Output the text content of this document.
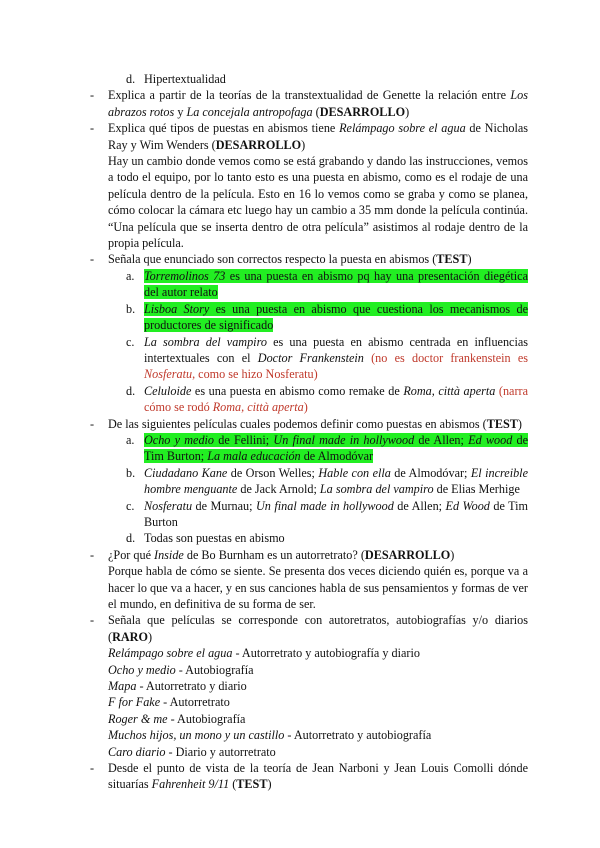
d. Hipertextualidad
- Explica a partir de la teorías de la transtextualidad de Genette la relación entre Los abrazos rotos y La concejala antropofaga (DESARROLLO)
- Explica qué tipos de puestas en abismos tiene Relámpago sobre el agua de Nicholas Ray y Wim Wenders (DESARROLLO)
Hay un cambio donde vemos como se está grabando y dando las instrucciones, vemos a todo el equipo, por lo tanto esto es una puesta en abismo, como es el rodaje de una película dentro de la película. Esto en 16 lo vemos como se graba y como se planea, cómo colocar la cámara etc luego hay un cambio a 35 mm donde la película continúa. “Una película que se inserta dentro de otra película” asistimos al rodaje dentro de la propia película.
- Señala que enunciado son correctos respecto la puesta en abismos (TEST)
a. Torremolinos 73 es una puesta en abismo pq hay una presentación diegética del autor relato
b. Lisboa Story es una puesta en abismo que cuestiona los mecanismos de productores de significado
c. La sombra del vampiro es una puesta en abismo centrada en influencias intertextuales con el Doctor Frankenstein (no es doctor frankenstein es Nosferatu, como se hizo Nosferatu)
d. Celuloide es una puesta en abismo como remake de Roma, città aperta (narra cómo se rodó Roma, città aperta)
- De las siguientes películas cuales podemos definir como puestas en abismos (TEST)
a. Ocho y medio de Fellini; Un final made in hollywood de Allen; Ed wood de Tim Burton; La mala educación de Almodóvar
b. Ciudadano Kane de Orson Welles; Hable con ella de Almodóvar; El increible hombre menguante de Jack Arnold; La sombra del vampiro de Elias Merhige
c. Nosferatu de Murnau; Un final made in hollywood de Allen; Ed Wood de Tim Burton
d. Todas son puestas en abismo
- ¿Por qué Inside de Bo Burnham es un autorretrato? (DESARROLLO)
Porque habla de cómo se siente. Se presenta dos veces diciendo quién es, porque va a hacer lo que va a hacer, y en sus canciones habla de sus pensamientos y formas de ver el mundo, en definitiva de su forma de ser.
- Señala que películas se corresponde con autoretratos, autobiografías y/o diarios (RARO)
Relámpago sobre el agua - Autorretrato y autobiografía y diario
Ocho y medio - Autobiografía
Mapa - Autorretrato y diario
F for Fake - Autorretrato
Roger & me - Autobiografía
Muchos hijos, un mono y un castillo - Autorretrato y autobiografía
Caro diario - Diario y autorretrato
- Desde el punto de vista de la teoría de Jean Narboni y Jean Louis Comolli dónde situarías Fahrenheit 9/11 (TEST)
